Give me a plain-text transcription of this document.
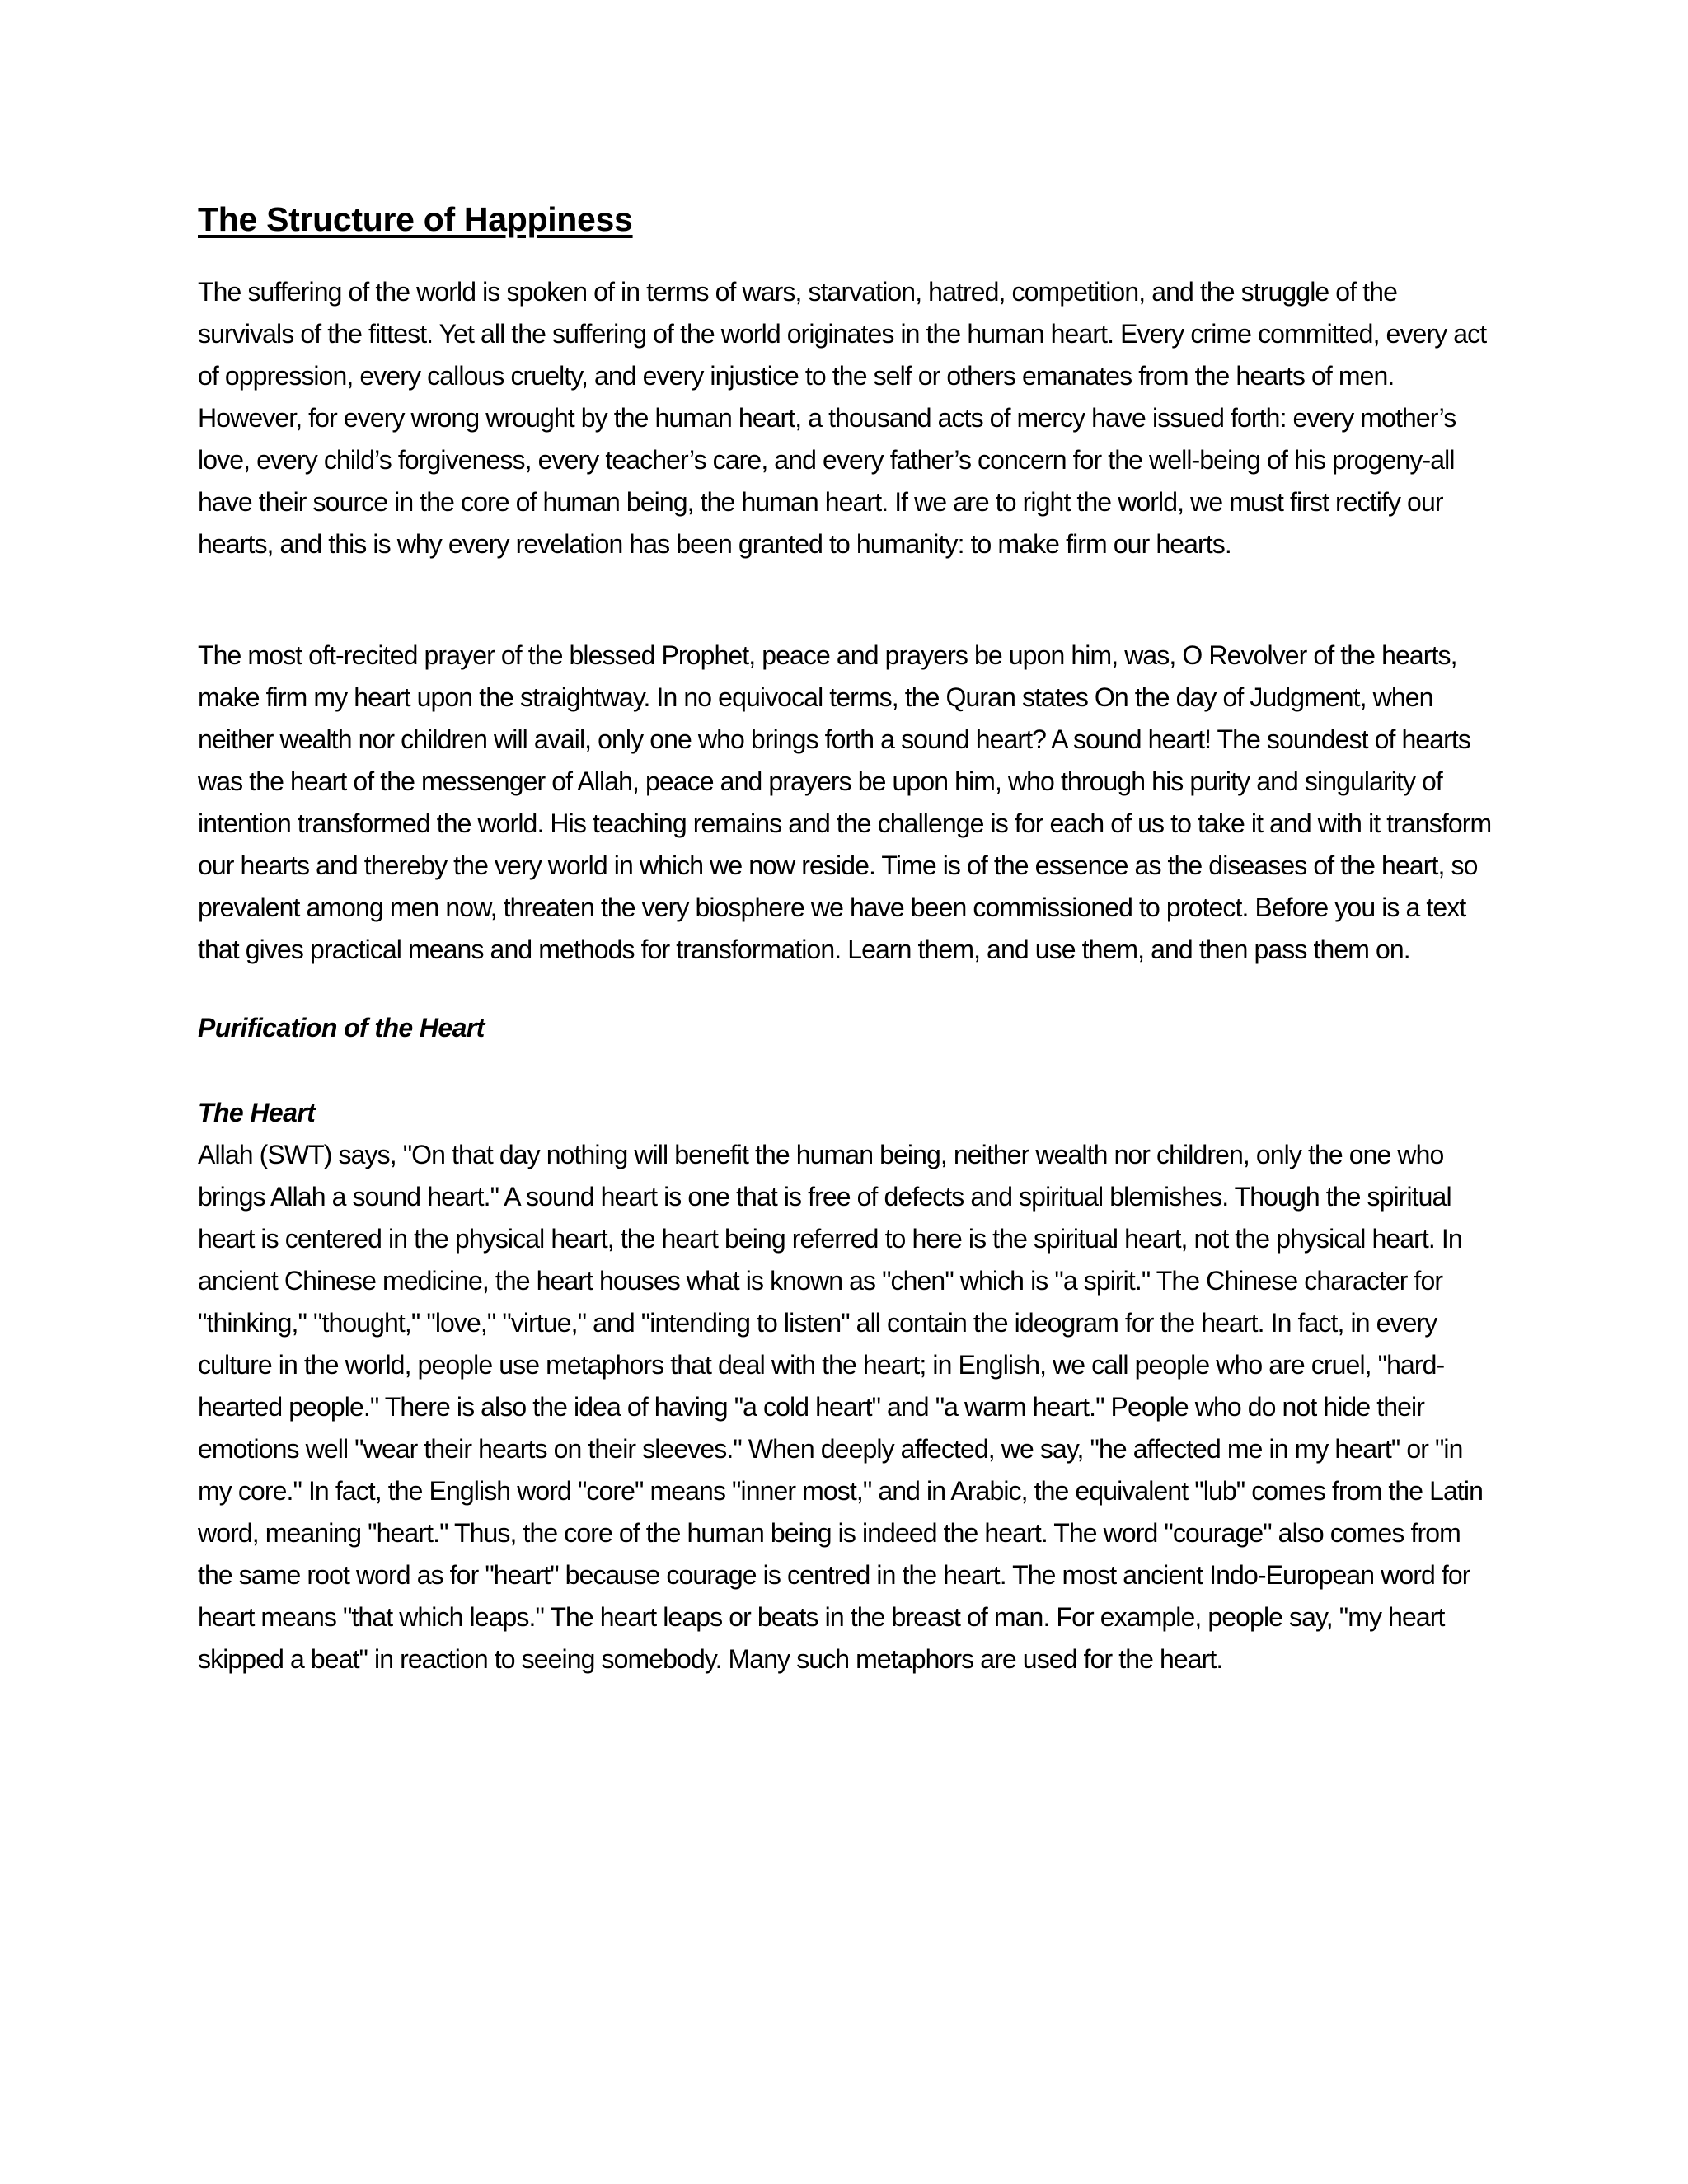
The Structure of Happiness

The suffering of the world is spoken of in terms of wars, starvation, hatred, competition, and the struggle of the survivals of the fittest. Yet all the suffering of the world originates in the human heart. Every crime committed, every act of oppression, every callous cruelty, and every injustice to the self or others emanates from the hearts of men. However, for every wrong wrought by the human heart, a thousand acts of mercy have issued forth: every mother’s love, every child’s forgiveness, every teacher’s care, and every father’s concern for the well-being of his progeny-all have their source in the core of human being, the human heart. If we are to right the world, we must first rectify our hearts, and this is why every revelation has been granted to humanity: to make firm our hearts.

The most oft-recited prayer of the blessed Prophet, peace and prayers be upon him, was, O Revolver of the hearts, make firm my heart upon the straightway. In no equivocal terms, the Quran states On the day of Judgment, when neither wealth nor children will avail, only one who brings forth a sound heart? A sound heart! The soundest of hearts was the heart of the messenger of Allah, peace and prayers be upon him, who through his purity and singularity of intention transformed the world. His teaching remains and the challenge is for each of us to take it and with it transform our hearts and thereby the very world in which we now reside. Time is of the essence as the diseases of the heart, so prevalent among men now, threaten the very biosphere we have been commissioned to protect. Before you is a text that gives practical means and methods for transformation. Learn them, and use them, and then pass them on.

Purification of the Heart

The Heart

Allah (SWT) says, "On that day nothing will benefit the human being, neither wealth nor children, only the one who brings Allah a sound heart." A sound heart is one that is free of defects and spiritual blemishes. Though the spiritual heart is centered in the physical heart, the heart being referred to here is the spiritual heart, not the physical heart. In ancient Chinese medicine, the heart houses what is known as "chen" which is "a spirit." The Chinese character for "thinking," "thought," "love," "virtue," and "intending to listen" all contain the ideogram for the heart. In fact, in every culture in the world, people use metaphors that deal with the heart; in English, we call people who are cruel, "hard-hearted people." There is also the idea of having "a cold heart" and "a warm heart." People who do not hide their emotions well "wear their hearts on their sleeves." When deeply affected, we say, "he affected me in my heart" or "in my core." In fact, the English word "core" means "inner most," and in Arabic, the equivalent "lub" comes from the Latin word, meaning "heart." Thus, the core of the human being is indeed the heart. The word "courage" also comes from the same root word as for "heart" because courage is centred in the heart. The most ancient Indo-European word for heart means "that which leaps." The heart leaps or beats in the breast of man. For example, people say, "my heart skipped a beat" in reaction to seeing somebody. Many such metaphors are used for the heart.
